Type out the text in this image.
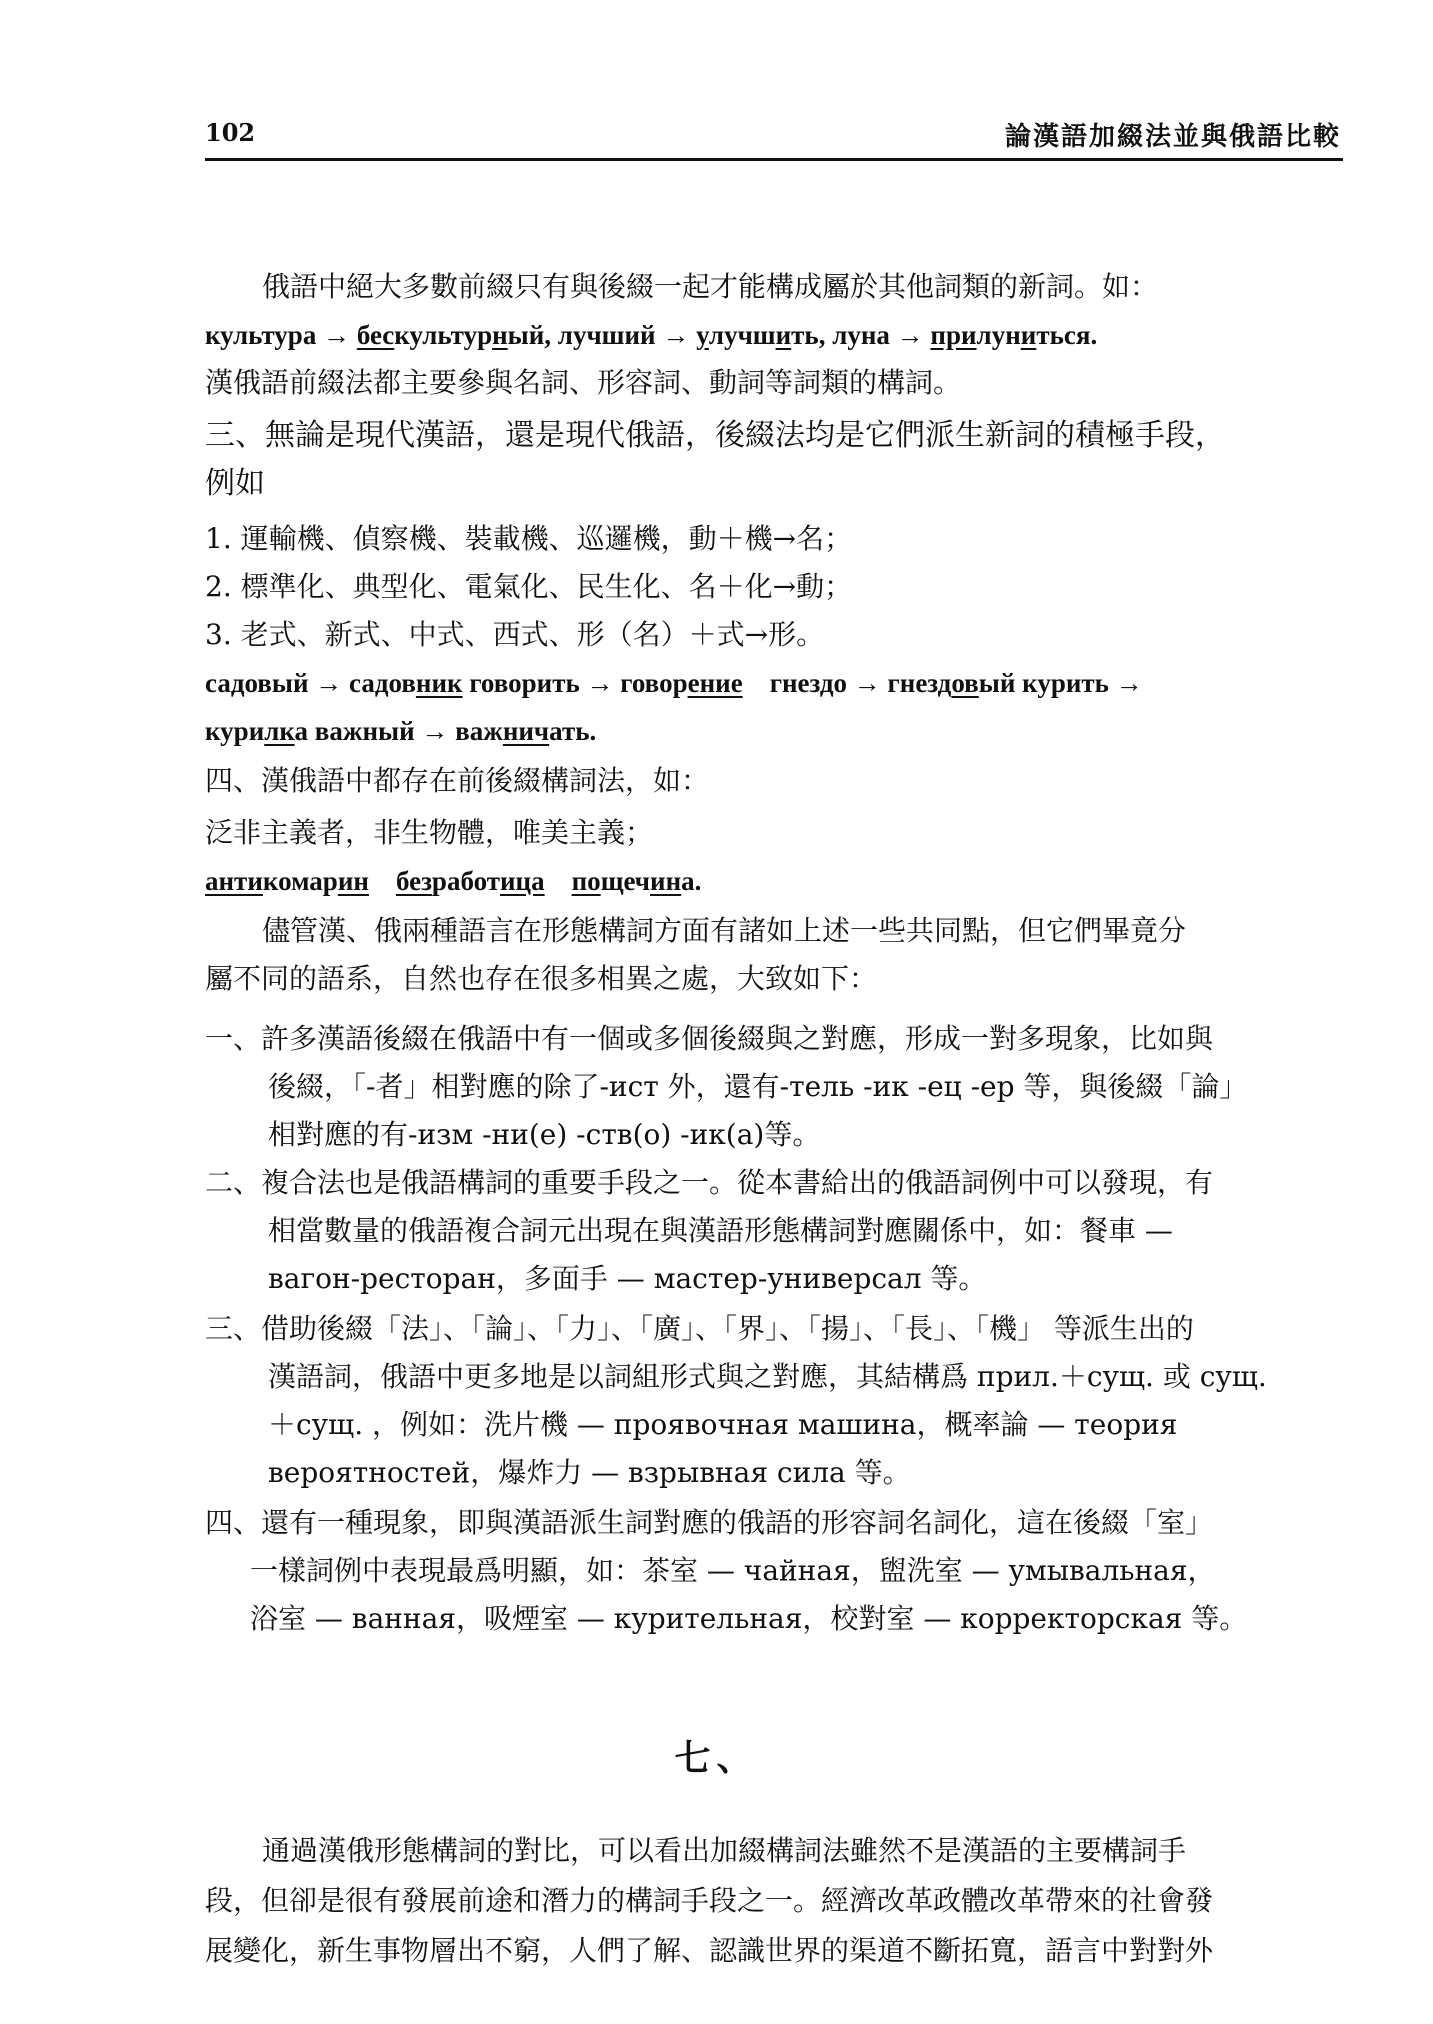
102	論漢語加綴法並與俄語比較
俄語中絕大多數前綴只有與後綴一起才能構成屬於其他詞類的新詞。如：
культура → бескультурный, лучший → улучшить, луна → прилуниться.
漢俄語前綴法都主要參與名詞、形容詞、動詞等詞類的構詞。
三、無論是現代漢語，還是現代俄語，後綴法均是它們派生新詞的積極手段，
例如
1. 運輸機、偵察機、裝載機、巡邏機，動＋機→名；
2. 標準化、典型化、電氣化、民生化、名＋化→動；
3. 老式、新式、中式、西式、形（名）＋式→形。
садовый → садовник говорить → говорение    гнездо → гнездовый курить →
курилка важный → важничать.
四、漢俄語中都存在前後綴構詞法，如：
泛非主義者，非生物體，唯美主義；
антикомарин безработица пощечина.
儘管漢、俄兩種語言在形態構詞方面有諸如上述一些共同點，但它們畢竟分
屬不同的語系，自然也存在很多相異之處，大致如下：
一、許多漢語後綴在俄語中有一個或多個後綴與之對應，形成一對多現象，比如與
後綴，「-者」相對應的除了-ист 外，還有-тель -ик -ец -ер 等，與後綴「論」
相對應的有-изм -ни(е) -ств(о) -ик(а)等。
二、複合法也是俄語構詞的重要手段之一。從本書給出的俄語詞例中可以發現，有
相當數量的俄語複合詞元出現在與漢語形態構詞對應關係中，如：餐車 —
вагон-ресторан，多面手 — мастер-универсал 等。
三、借助後綴「法」、「論」、「力」、「廣」、「界」、「揚」、「長」、「機」 等派生出的
漢語詞，俄語中更多地是以詞組形式與之對應，其結構爲 прил.＋сущ. 或 сущ.
＋сущ. ，例如：洗片機 — проявочная машина，概率論 — теория
вероятностей，爆炸力 — взрывная сила 等。
四、還有一種現象，即與漢語派生詞對應的俄語的形容詞名詞化，這在後綴「室」
一樣詞例中表現最爲明顯，如：茶室 — чайная，盥洗室 — умывальная，
浴室 — ванная，吸煙室 — курительная，校對室 — корректорская 等。
七、
通過漢俄形態構詞的對比，可以看出加綴構詞法雖然不是漢語的主要構詞手
段，但卻是很有發展前途和潛力的構詞手段之一。經濟改革政體改革帶來的社會發
展變化，新生事物層出不窮，人們了解、認識世界的渠道不斷拓寬，語言中對對外
